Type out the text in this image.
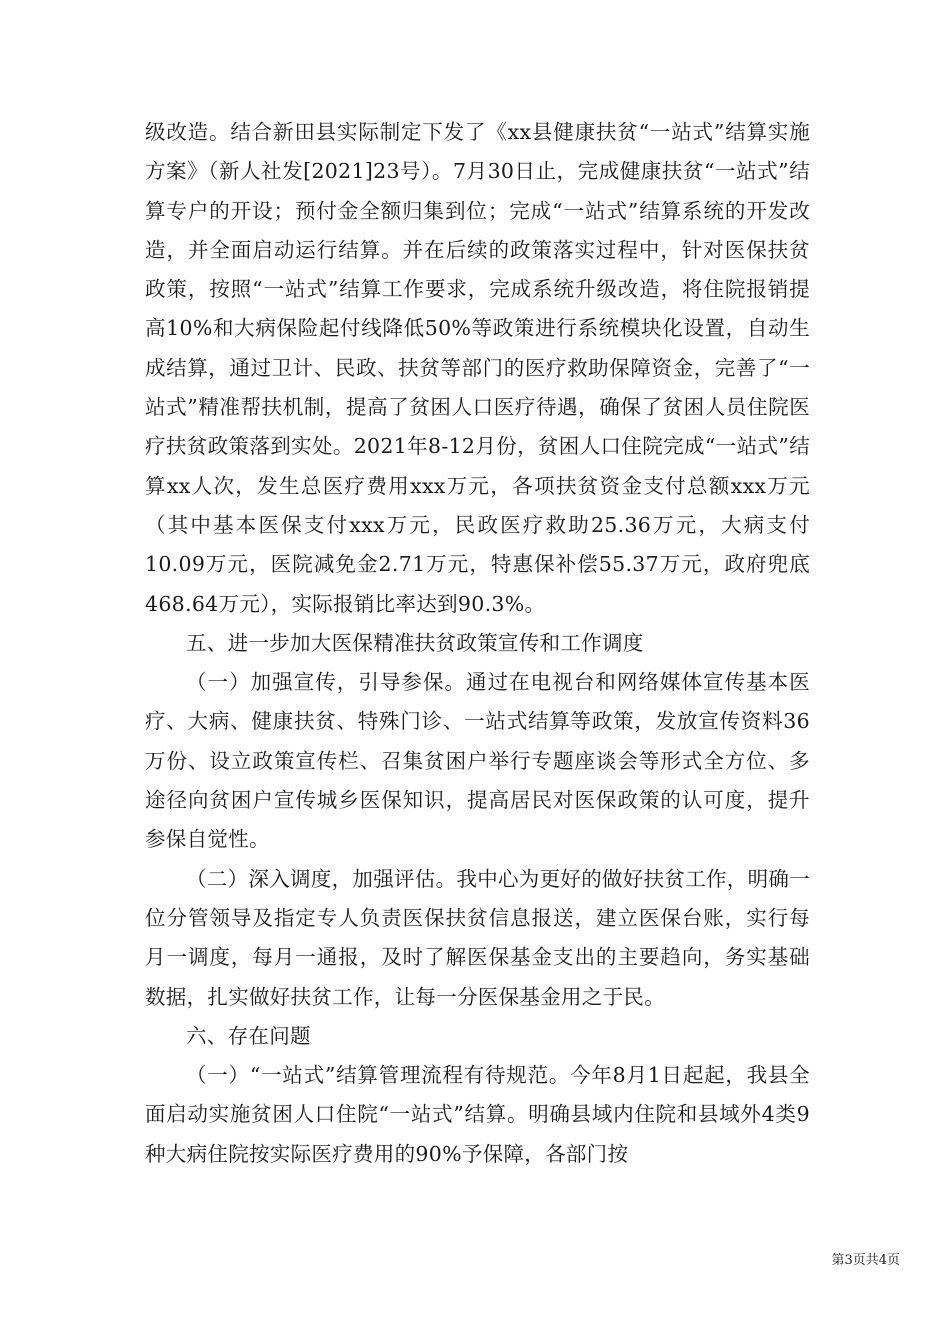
级改造。结合新田县实际制定下发了《xx县健康扶贫“一站式”结算实施方案》（新人社发[2021]23号）。7月30日止，完成健康扶贫“一站式”结算专户的开设；预付金全额归集到位；完成“一站式”结算系统的开发改造，并全面启动运行结算。并在后续的政策落实过程中，针对医保扶贫政策，按照“一站式”结算工作要求，完成系统升级改造，将住院报销提高10%和大病保险起付线降低50%等政策进行系统模块化设置，自动生成结算，通过卫计、民政、扶贫等部门的医疗救助保障资金，完善了“一站式”精准帮扶机制，提高了贫困人口医疗待遇，确保了贫困人员住院医疗扶贫政策落到实处。2021年8-12月份，贫困人口住院完成“一站式”结算xx人次，发生总医疗费用xxx万元，各项扶贫资金支付总额xxx万元（其中基本医保支付xxx万元，民政医疗救助25.36万元，大病支付10.09万元，医院减免金2.71万元，特惠保补偿55.37万元，政府兜底468.64万元），实际报销比率达到90.3%。

五、进一步加大医保精准扶贫政策宣传和工作调度

（一）加强宣传，引导参保。通过在电视台和网络媒体宣传基本医疗、大病、健康扶贫、特殊门诊、一站式结算等政策，发放宣传资料36万份、设立政策宣传栏、召集贫困户举行专题座谈会等形式全方位、多途径向贫困户宣传城乡医保知识，提高居民对医保政策的认可度，提升参保自觉性。

（二）深入调度，加强评估。我中心为更好的做好扶贫工作，明确一位分管领导及指定专人负责医保扶贫信息报送，建立医保台账，实行每月一调度，每月一通报，及时了解医保基金支出的主要趋向，务实基础数据，扎实做好扶贫工作，让每一分医保基金用之于民。

六、存在问题

（一）“一站式”结算管理流程有待规范。今年8月1日起起，我县全面启动实施贫困人口住院“一站式”结算。明确县域内住院和县域外4类9种大病住院按实际医疗费用的90%予保障，各部门按

第3页共4页
